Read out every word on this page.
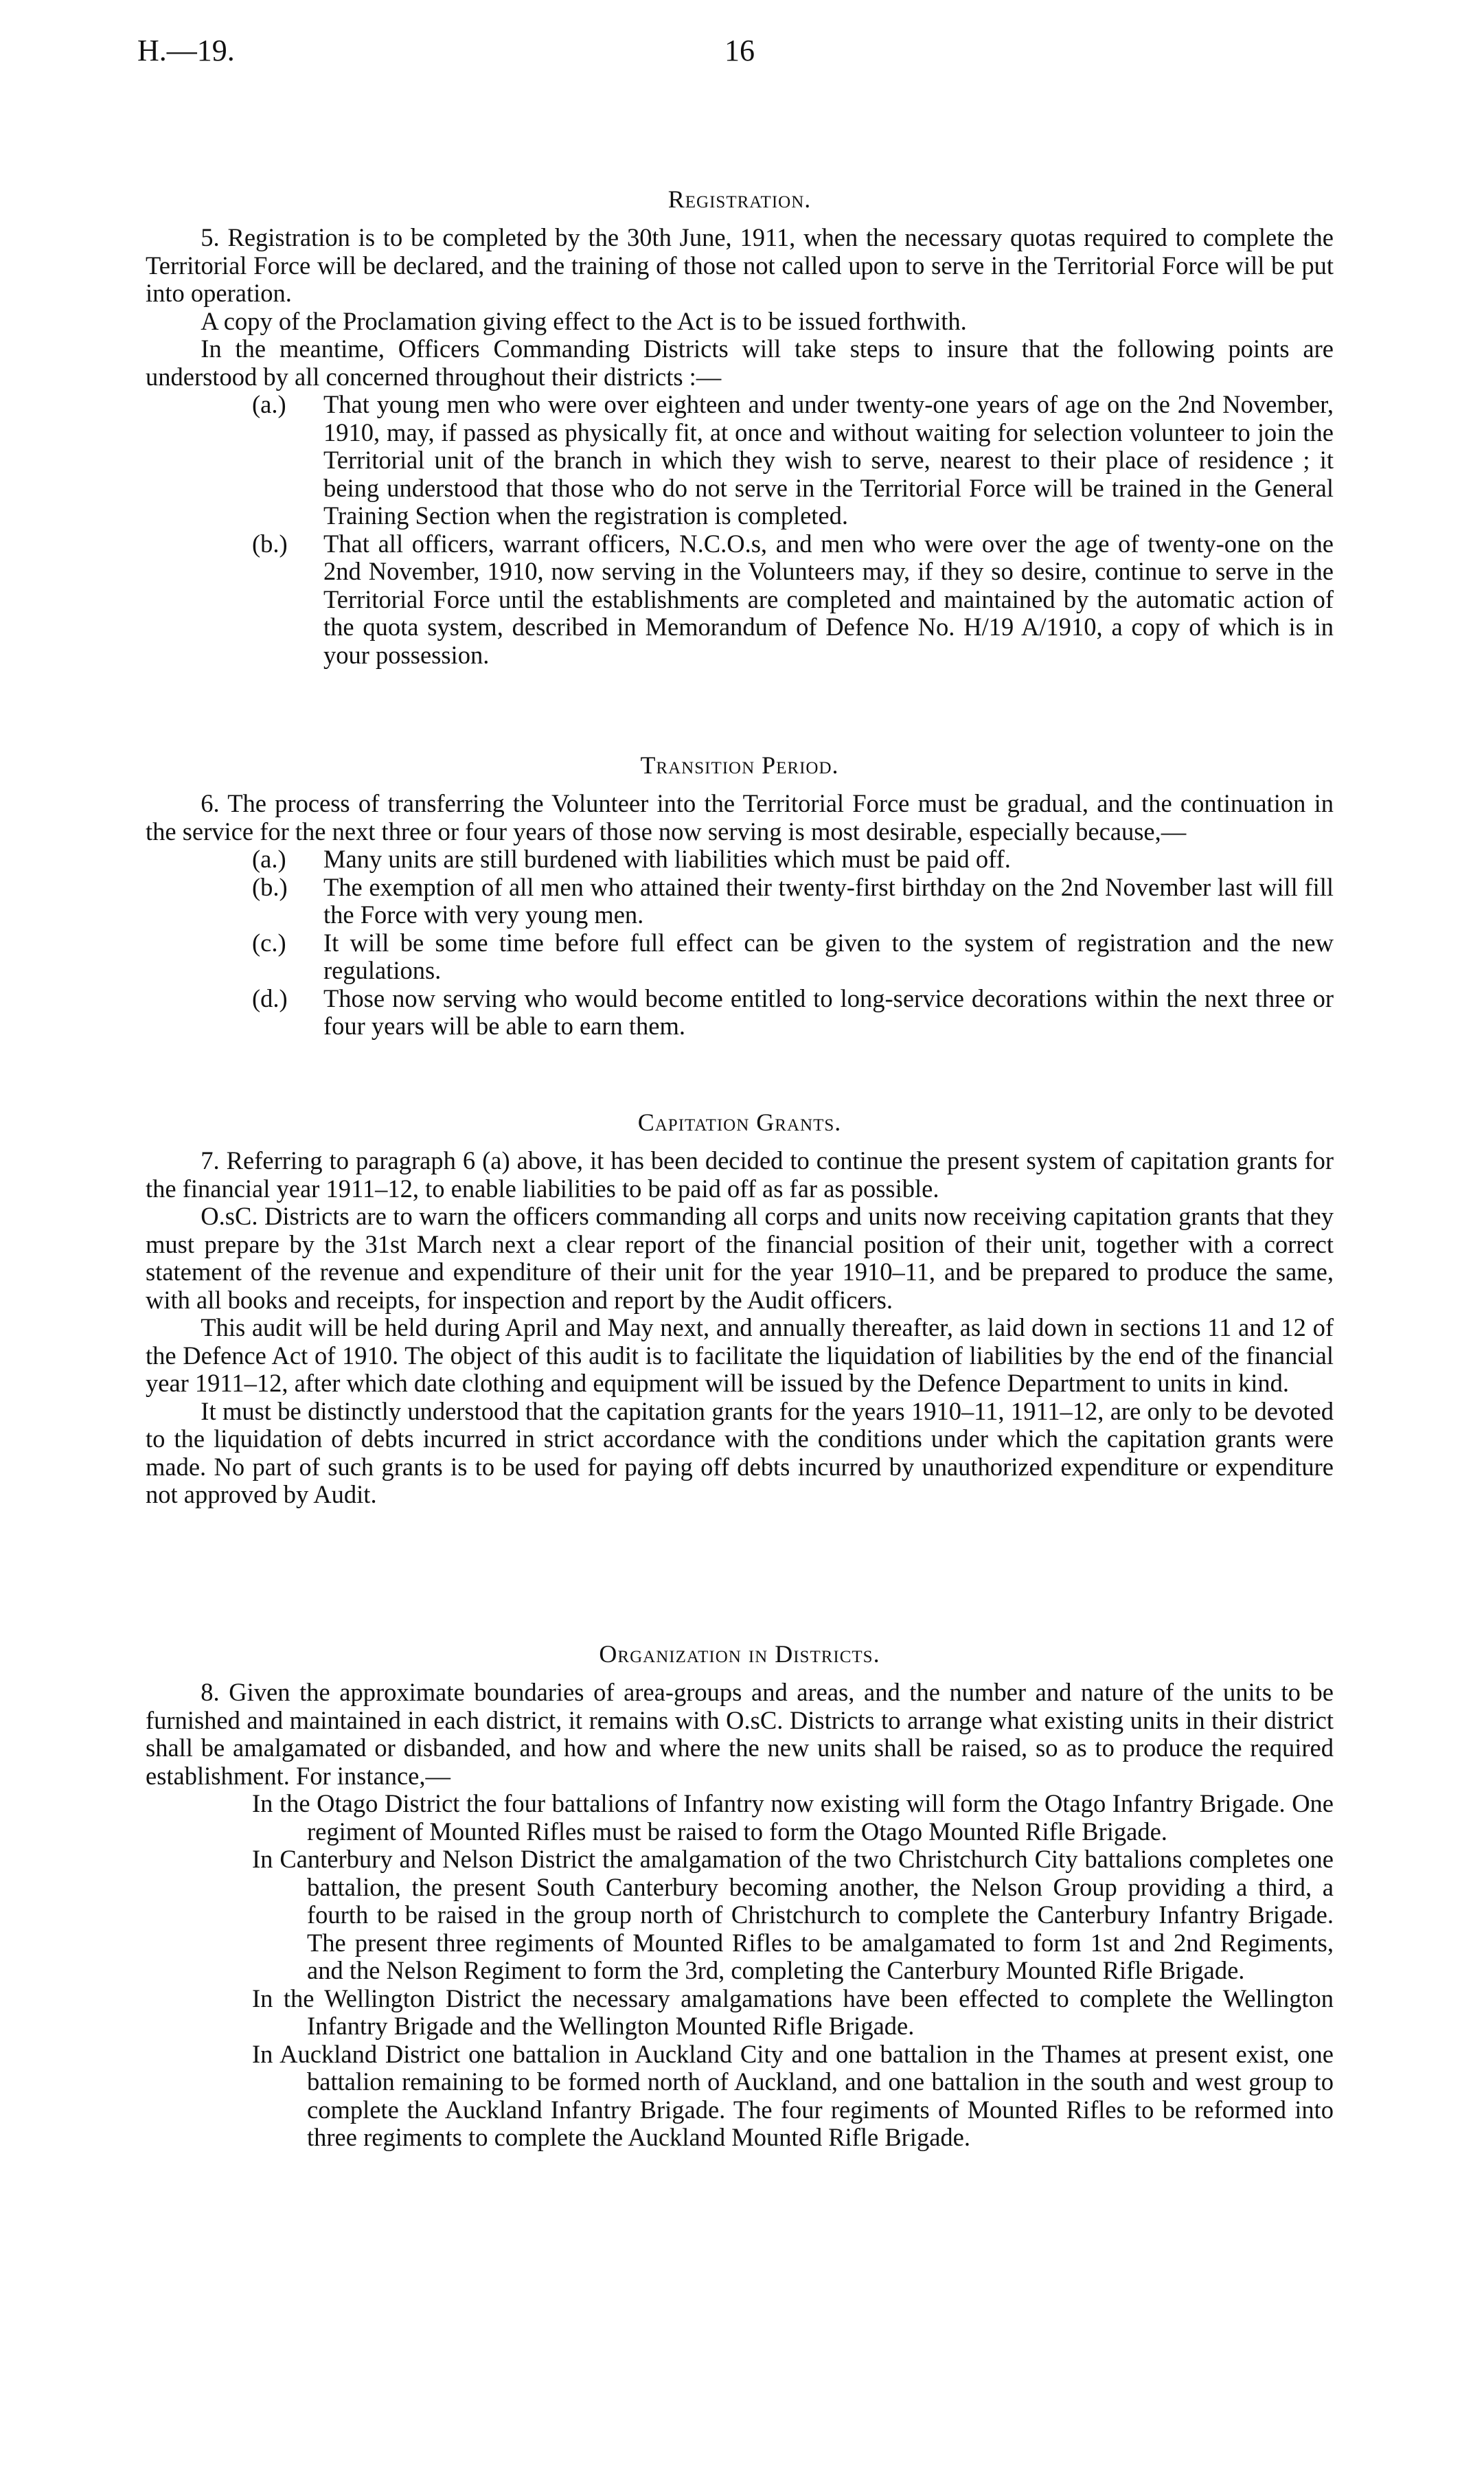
H.—19.	16
Registration.

5. Registration is to be completed by the 30th June, 1911, when the necessary quotas required to complete the Territorial Force will be declared, and the training of those not called upon to serve in the Territorial Force will be put into operation.

A copy of the Proclamation giving effect to the Act is to be issued forthwith.

In the meantime, Officers Commanding Districts will take steps to insure that the following points are understood by all concerned throughout their districts :—

(a.) That young men who were over eighteen and under twenty-one years of age on the 2nd November, 1910, may, if passed as physically fit, at once and without waiting for selection volunteer to join the Territorial unit of the branch in which they wish to serve, nearest to their place of residence ; it being understood that those who do not serve in the Territorial Force will be trained in the General Training Section when the registration is completed.

(b.) That all officers, warrant officers, N.C.O.s, and men who were over the age of twenty-one on the 2nd November, 1910, now serving in the Volunteers may, if they so desire, continue to serve in the Territorial Force until the establishments are completed and maintained by the automatic action of the quota system, described in Memorandum of Defence No. H/19 A/1910, a copy of which is in your possession.

Transition Period.

6. The process of transferring the Volunteer into the Territorial Force must be gradual, and the continuation in the service for the next three or four years of those now serving is most desirable, especially because,—

(a.) Many units are still burdened with liabilities which must be paid off.

(b.) The exemption of all men who attained their twenty-first birthday on the 2nd November last will fill the Force with very young men.

(c.) It will be some time before full effect can be given to the system of registration and the new regulations.

(d.) Those now serving who would become entitled to long-service decorations within the next three or four years will be able to earn them.

Capitation Grants.

7. Referring to paragraph 6 (a) above, it has been decided to continue the present system of capitation grants for the financial year 1911–12, to enable liabilities to be paid off as far as possible.

O.sC. Districts are to warn the officers commanding all corps and units now receiving capitation grants that they must prepare by the 31st March next a clear report of the financial position of their unit, together with a correct statement of the revenue and expenditure of their unit for the year 1910–11, and be prepared to produce the same, with all books and receipts, for inspection and report by the Audit officers.

This audit will be held during April and May next, and annually thereafter, as laid down in sections 11 and 12 of the Defence Act of 1910. The object of this audit is to facilitate the liquidation of liabilities by the end of the financial year 1911–12, after which date clothing and equipment will be issued by the Defence Department to units in kind.

It must be distinctly understood that the capitation grants for the years 1910–11, 1911–12, are only to be devoted to the liquidation of debts incurred in strict accordance with the conditions under which the capitation grants were made. No part of such grants is to be used for paying off debts incurred by unauthorized expenditure or expenditure not approved by Audit.

Organization in Districts.

8. Given the approximate boundaries of area-groups and areas, and the number and nature of the units to be furnished and maintained in each district, it remains with O.sC. Districts to arrange what existing units in their district shall be amalgamated or disbanded, and how and where the new units shall be raised, so as to produce the required establishment. For instance,—

In the Otago District the four battalions of Infantry now existing will form the Otago Infantry Brigade. One regiment of Mounted Rifles must be raised to form the Otago Mounted Rifle Brigade.

In Canterbury and Nelson District the amalgamation of the two Christchurch City battalions completes one battalion, the present South Canterbury becoming another, the Nelson Group providing a third, a fourth to be raised in the group north of Christchurch to complete the Canterbury Infantry Brigade. The present three regiments of Mounted Rifles to be amalgamated to form 1st and 2nd Regiments, and the Nelson Regiment to form the 3rd, completing the Canterbury Mounted Rifle Brigade.

In the Wellington District the necessary amalgamations have been effected to complete the Wellington Infantry Brigade and the Wellington Mounted Rifle Brigade.

In Auckland District one battalion in Auckland City and one battalion in the Thames at present exist, one battalion remaining to be formed north of Auckland, and one battalion in the south and west group to complete the Auckland Infantry Brigade. The four regiments of Mounted Rifles to be reformed into three regiments to complete the Auckland Mounted Rifle Brigade.
